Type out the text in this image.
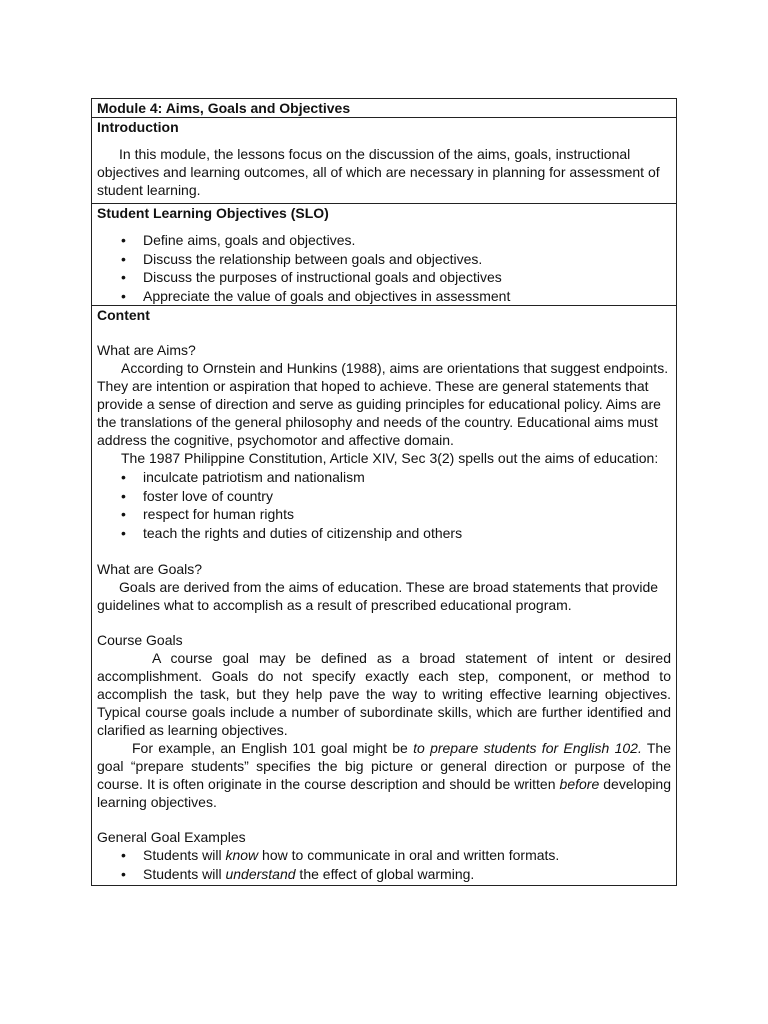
Module 4: Aims, Goals and Objectives
Introduction

In this module, the lessons focus on the discussion of the aims, goals, instructional objectives and learning outcomes, all of which are necessary in planning for assessment of student learning.

Student Learning Objectives (SLO)
• Define aims, goals and objectives.
• Discuss the relationship between goals and objectives.
• Discuss the purposes of instructional goals and objectives
• Appreciate the value of goals and objectives in assessment
Content

What are Aims?

According to Ornstein and Hunkins (1988), aims are orientations that suggest endpoints. They are intention or aspiration that hoped to achieve. These are general statements that provide a sense of direction and serve as guiding principles for educational policy. Aims are the translations of the general philosophy and needs of the country. Educational aims must address the cognitive, psychomotor and affective domain.

The 1987 Philippine Constitution, Article XIV, Sec 3(2) spells out the aims of education:

• inculcate patriotism and nationalism
• foster love of country
• respect for human rights
• teach the rights and duties of citizenship and others

What are Goals?

Goals are derived from the aims of education. These are broad statements that provide guidelines what to accomplish as a result of prescribed educational program.

Course Goals

A course goal may be defined as a broad statement of intent or desired accomplishment. Goals do not specify exactly each step, component, or method to accomplish the task, but they help pave the way to writing effective learning objectives. Typical course goals include a number of subordinate skills, which are further identified and clarified as learning objectives.

For example, an English 101 goal might be to prepare students for English 102. The goal “prepare students” specifies the big picture or general direction or purpose of the course. It is often originate in the course description and should be written before developing learning objectives.

General Goal Examples

• Students will know how to communicate in oral and written formats.
• Students will understand the effect of global warming.
